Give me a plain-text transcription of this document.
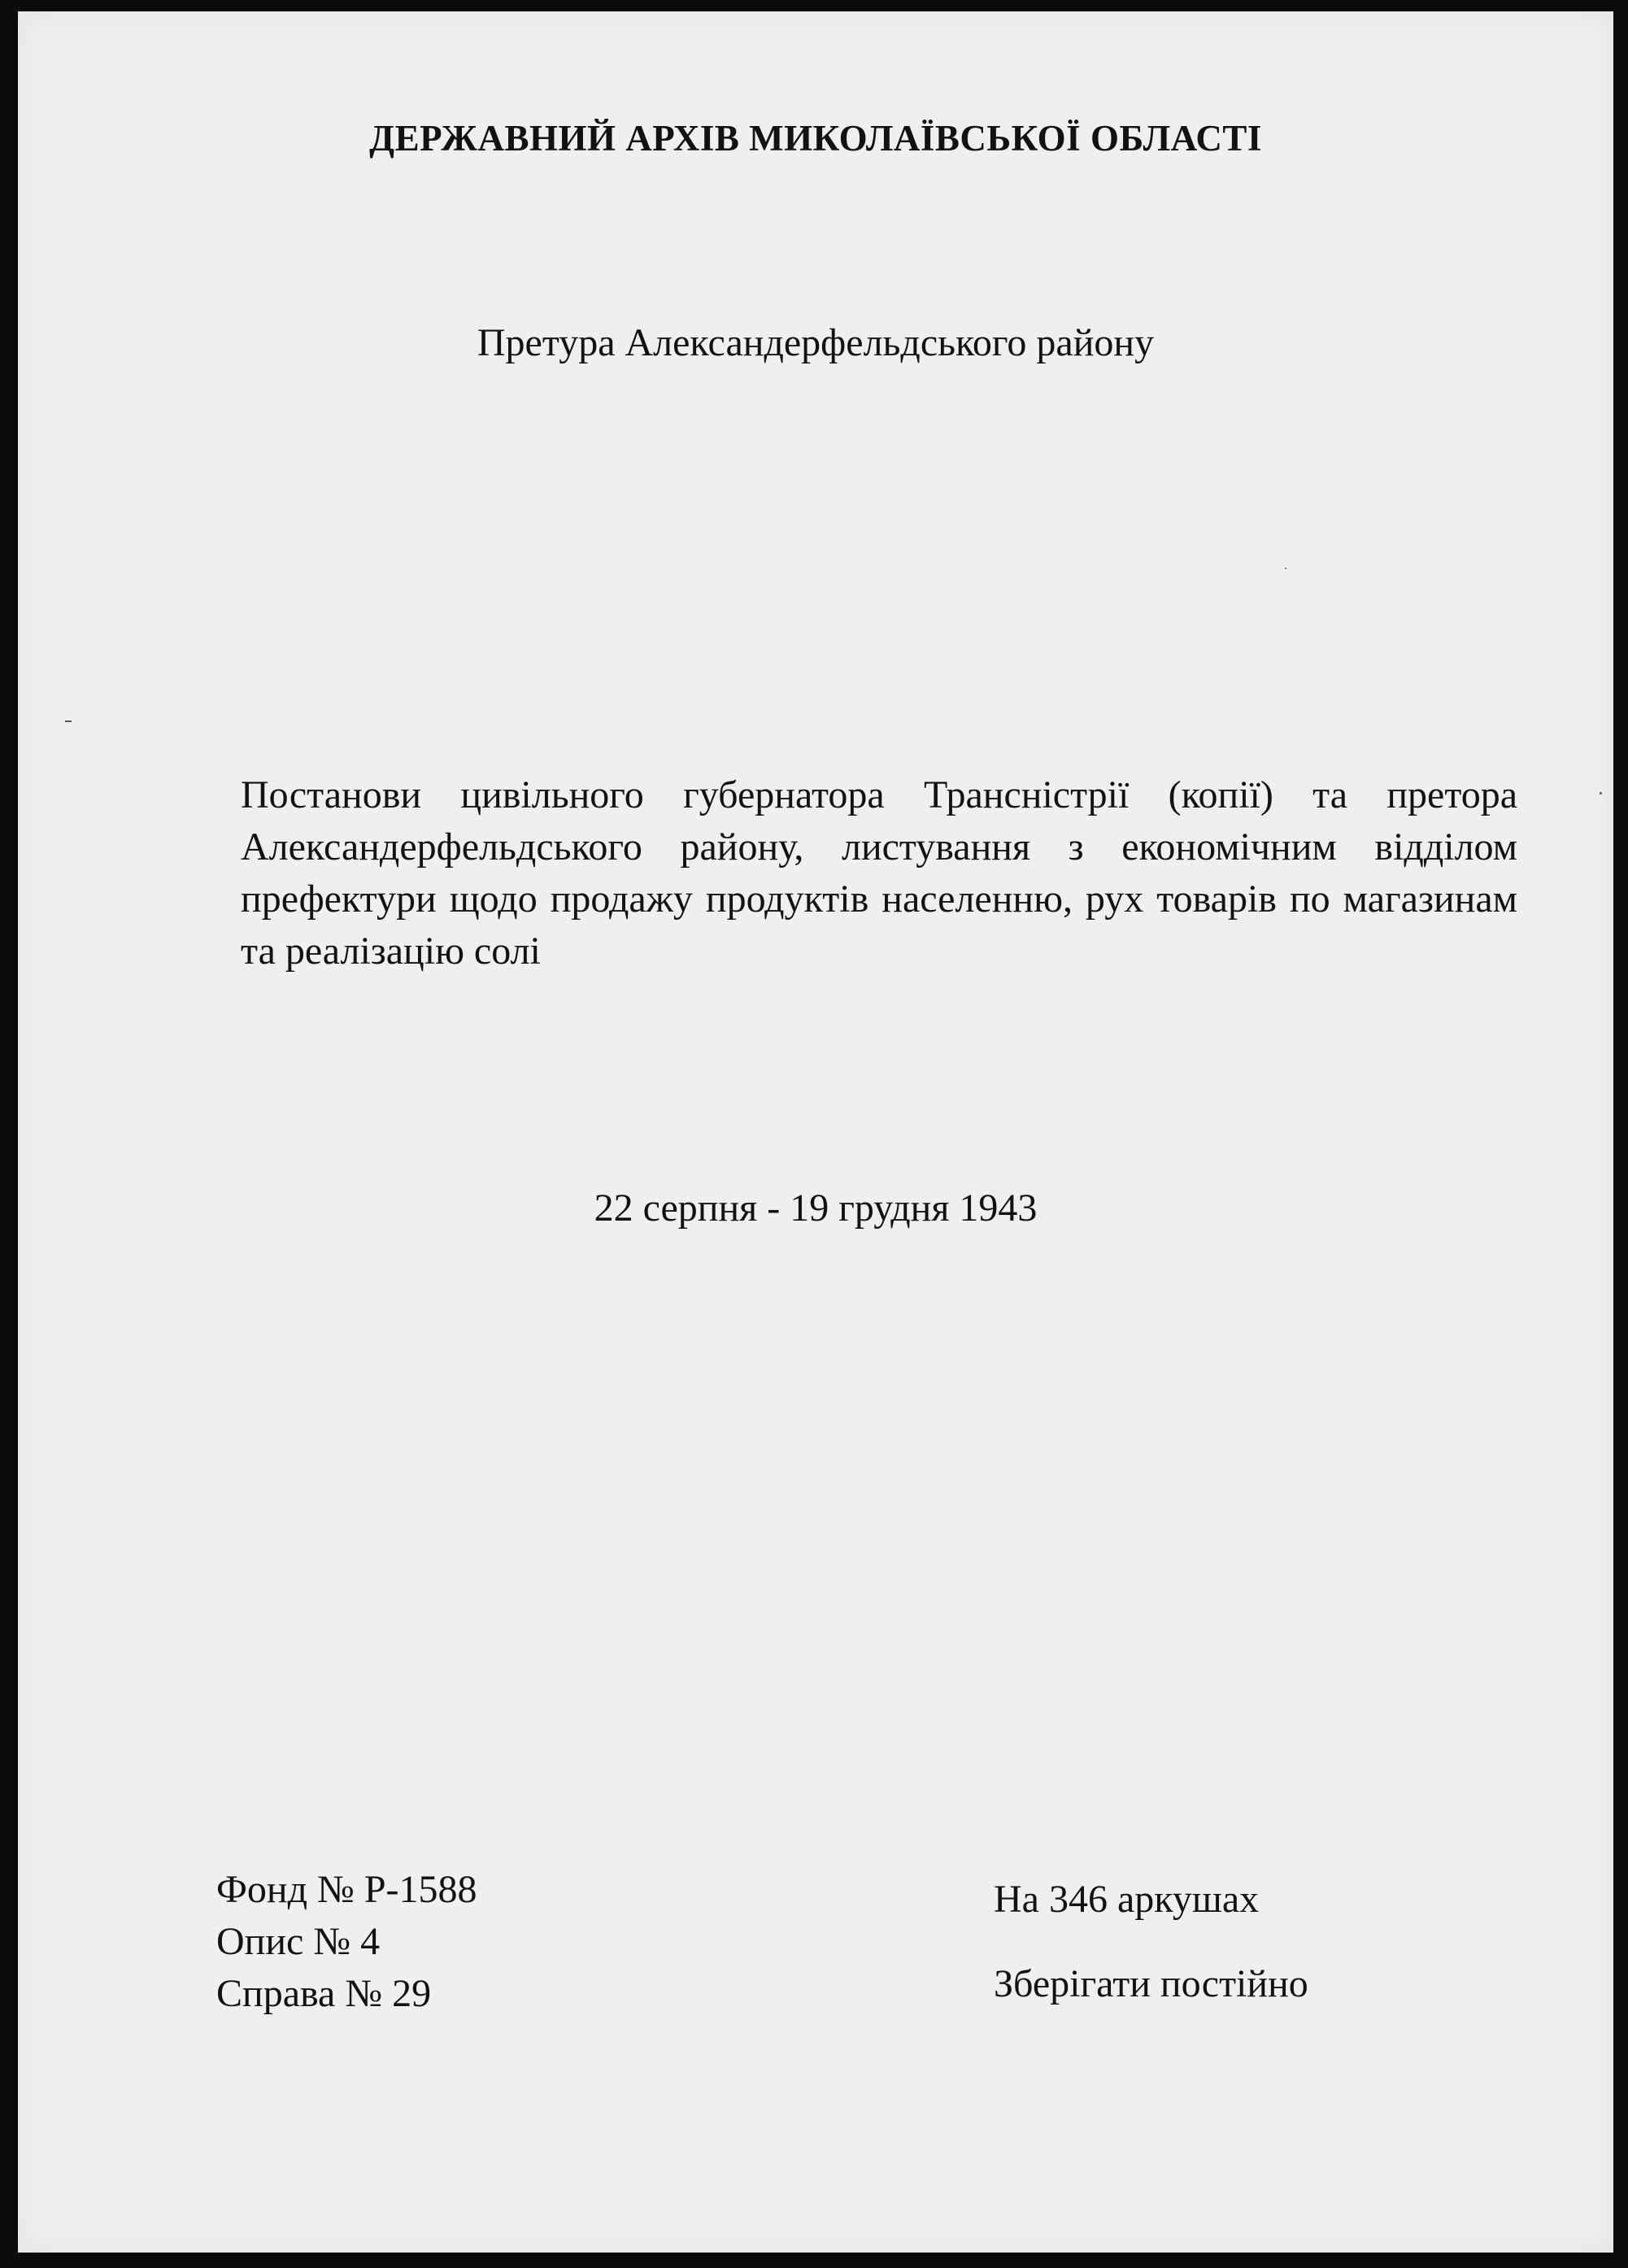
ДЕРЖАВНИЙ АРХІВ МИКОЛАЇВСЬКОЇ ОБЛАСТІ
Претура Александерфельдського району
Постанови цивільного губернатора Трансністрії (копії) та претора Александерфельдського району, листування з економічним відділом префектури щодо продажу продуктів населенню, рух товарів по магазинам та реалізацію солі
22 серпня - 19 грудня 1943
Фонд № Р-1588
Опис № 4
Справа № 29
На 346 аркушах
Зберігати постійно
